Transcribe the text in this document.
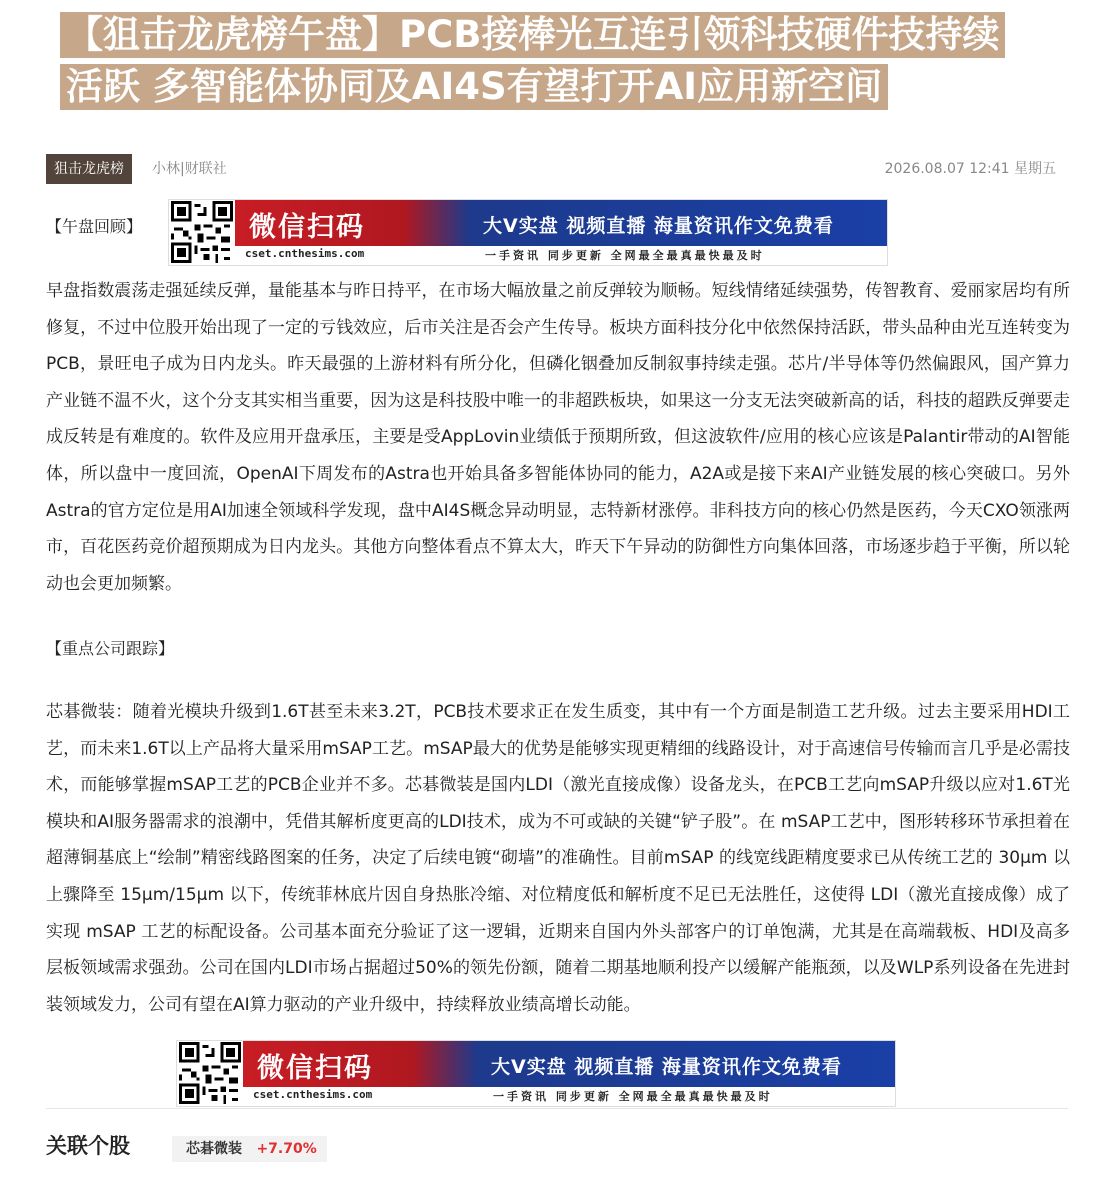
【狙击龙虎榜午盘】PCB接棒光互连引领科技硬件技持续
活跃 多智能体协同及AI4S有望打开AI应用新空间
狙击龙虎榜	小林|财联社	2026.08.07 12:41 星期五
【午盘回顾】	微信扫码	大V实盘 视频直播 海量资讯作文免费看
cset.cnthesims.com	一手资讯 同步更新 全网最全最真最快最及时

早盘指数震荡走强延续反弹，量能基本与昨日持平，在市场大幅放量之前反弹较为顺畅。短线情绪延续强势，传智教育、爱丽家居均有所修复，不过中位股开始出现了一定的亏钱效应，后市关注是否会产生传导。板块方面科技分化中依然保持活跃，带头品种由光互连转变为PCB，景旺电子成为日内龙头。昨天最强的上游材料有所分化，但磷化铟叠加反制叙事持续走强。芯片/半导体等仍然偏跟风，国产算力产业链不温不火，这个分支其实相当重要，因为这是科技股中唯一的非超跌板块，如果这一分支无法突破新高的话，科技的超跌反弹要走成反转是有难度的。软件及应用开盘承压，主要是受AppLovin业绩低于预期所致，但这波软件/应用的核心应该是Palantir带动的AI智能体，所以盘中一度回流，OpenAI下周发布的Astra也开始具备多智能体协同的能力，A2A或是接下来AI产业链发展的核心突破口。另外Astra的官方定位是用AI加速全领域科学发现，盘中AI4S概念异动明显，志特新材涨停。非科技方向的核心仍然是医药，今天CXO领涨两市，百花医药竞价超预期成为日内龙头。其他方向整体看点不算太大，昨天下午异动的防御性方向集体回落，市场逐步趋于平衡，所以轮动也会更加频繁。

【重点公司跟踪】

芯碁微装：随着光模块升级到1.6T甚至未来3.2T，PCB技术要求正在发生质变，其中有一个方面是制造工艺升级。过去主要采用HDI工艺，而未来1.6T以上产品将大量采用mSAP工艺。mSAP最大的优势是能够实现更精细的线路设计，对于高速信号传输而言几乎是必需技术，而能够掌握mSAP工艺的PCB企业并不多。芯碁微装是国内LDI（激光直接成像）设备龙头，在PCB工艺向mSAP升级以应对1.6T光模块和AI服务器需求的浪潮中，凭借其解析度更高的LDI技术，成为不可或缺的关键“铲子股”。在 mSAP工艺中，图形转移环节承担着在超薄铜基底上“绘制”精密线路图案的任务，决定了后续电镀“砌墙”的准确性。目前mSAP 的线宽线距精度要求已从传统工艺的 30μm 以上骤降至 15μm/15μm 以下，传统菲林底片因自身热胀冷缩、对位精度低和解析度不足已无法胜任，这使得 LDI（激光直接成像）成了实现 mSAP 工艺的标配设备。公司基本面充分验证了这一逻辑，近期来自国内外头部客户的订单饱满，尤其是在高端载板、HDI及高多层板领域需求强劲。公司在国内LDI市场占据超过50%的领先份额，随着二期基地顺利投产以缓解产能瓶颈，以及WLP系列设备在先进封装领域发力，公司有望在AI算力驱动的产业升级中，持续释放业绩高增长动能。

微信扫码	大V实盘 视频直播 海量资讯作文免费看
cset.cnthesims.com	一手资讯 同步更新 全网最全最真最快最及时
关联个股	芯碁微装 +7.70%
